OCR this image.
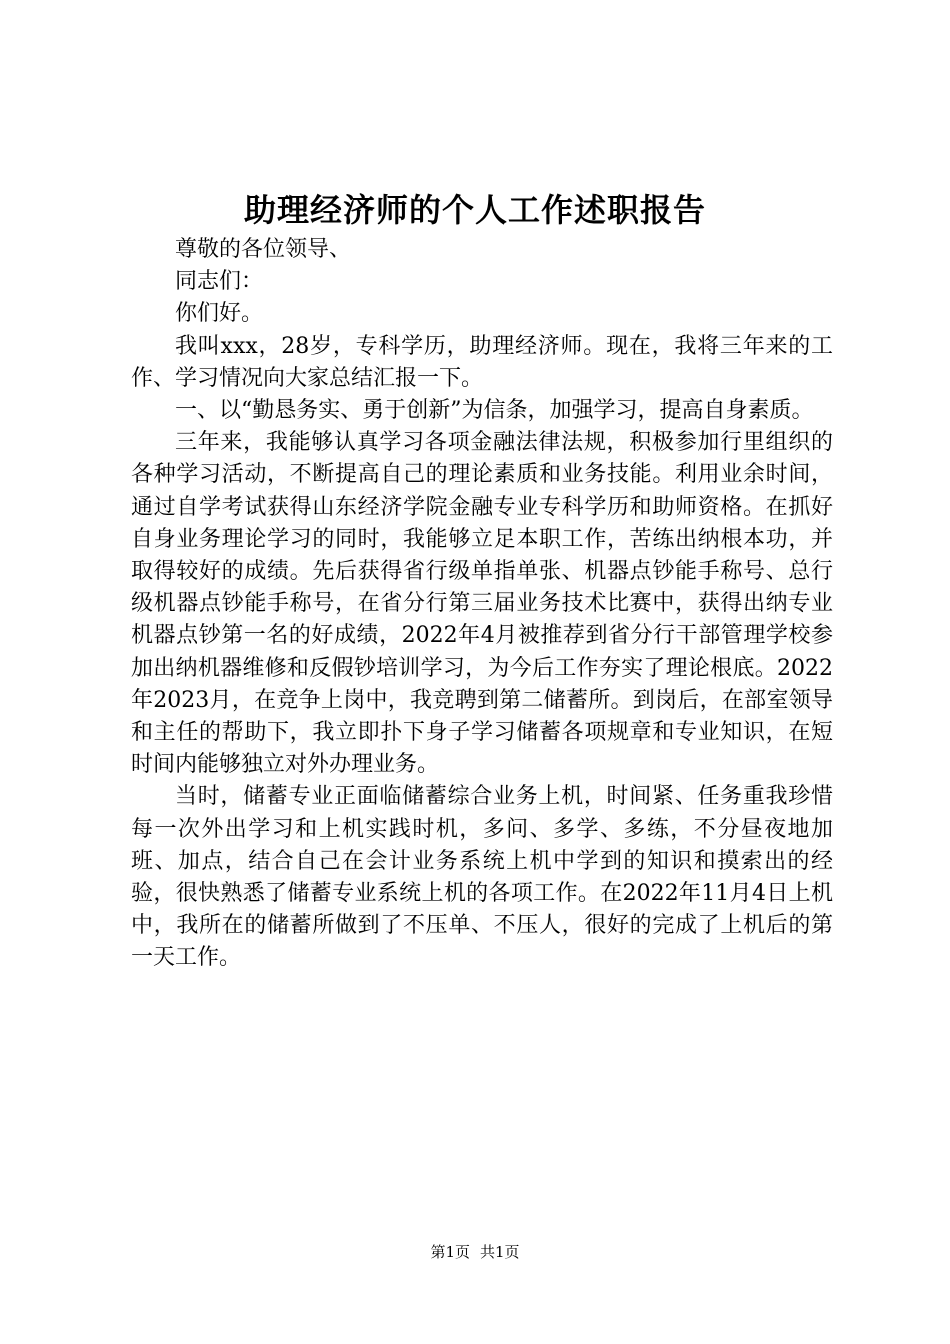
助理经济师的个人工作述职报告

尊敬的各位领导、

同志们：

你们好。

我叫xxx，28岁，专科学历，助理经济师。现在，我将三年来的工作、学习情况向大家总结汇报一下。

一、以“勤恳务实、勇于创新”为信条，加强学习，提高自身素质。

三年来，我能够认真学习各项金融法律法规，积极参加行里组织的各种学习活动，不断提高自己的理论素质和业务技能。利用业余时间，通过自学考试获得山东经济学院金融专业专科学历和助师资格。在抓好自身业务理论学习的同时，我能够立足本职工作，苦练出纳根本功，并取得较好的成绩。先后获得省行级单指单张、机器点钞能手称号、总行级机器点钞能手称号，在省分行第三届业务技术比赛中，获得出纳专业机器点钞第一名的好成绩，2022年4月被推荐到省分行干部管理学校参加出纳机器维修和反假钞培训学习，为今后工作夯实了理论根底。2022年2023月，在竞争上岗中，我竞聘到第二储蓄所。到岗后，在部室领导和主任的帮助下，我立即扑下身子学习储蓄各项规章和专业知识，在短时间内能够独立对外办理业务。

当时，储蓄专业正面临储蓄综合业务上机，时间紧、任务重我珍惜每一次外出学习和上机实践时机，多问、多学、多练，不分昼夜地加班、加点，结合自己在会计业务系统上机中学到的知识和摸索出的经验，很快熟悉了储蓄专业系统上机的各项工作。在2022年11月4日上机中，我所在的储蓄所做到了不压单、不压人，很好的完成了上机后的第一天工作。

第1页 共1页
